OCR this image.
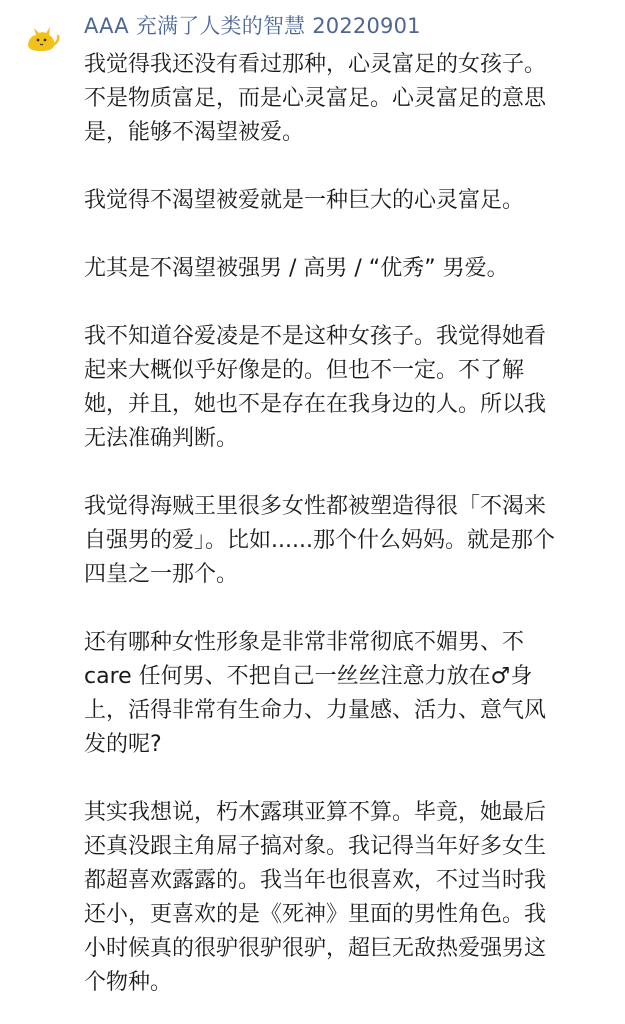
AAA 充满了人类的智慧 20220901

我觉得我还没有看过那种，心灵富足的女孩子。
不是物质富足，而是心灵富足。心灵富足的意思
是，能够不渴望被爱。

我觉得不渴望被爱就是一种巨大的心灵富足。

尤其是不渴望被强男 / 高男 / “优秀” 男爱。

我不知道谷爱凌是不是这种女孩子。我觉得她看
起来大概似乎好像是的。但也不一定。不了解
她，并且，她也不是存在在我身边的人。所以我
无法准确判断。

我觉得海贼王里很多女性都被塑造得很「不渴来
自强男的爱」。比如......那个什么妈妈。就是那个
四皇之一那个。

还有哪种女性形象是非常非常彻底不媚男、不
care 任何男、不把自己一丝丝注意力放在♂身
上，活得非常有生命力、力量感、活力、意气风
发的呢?

其实我想说，朽木露琪亚算不算。毕竟，她最后
还真没跟主角屌子搞对象。我记得当年好多女生
都超喜欢露露的。我当年也很喜欢，不过当时我
还小，更喜欢的是《死神》里面的男性角色。我
小时候真的很驴很驴很驴，超巨无敌热爱强男这
个物种。
